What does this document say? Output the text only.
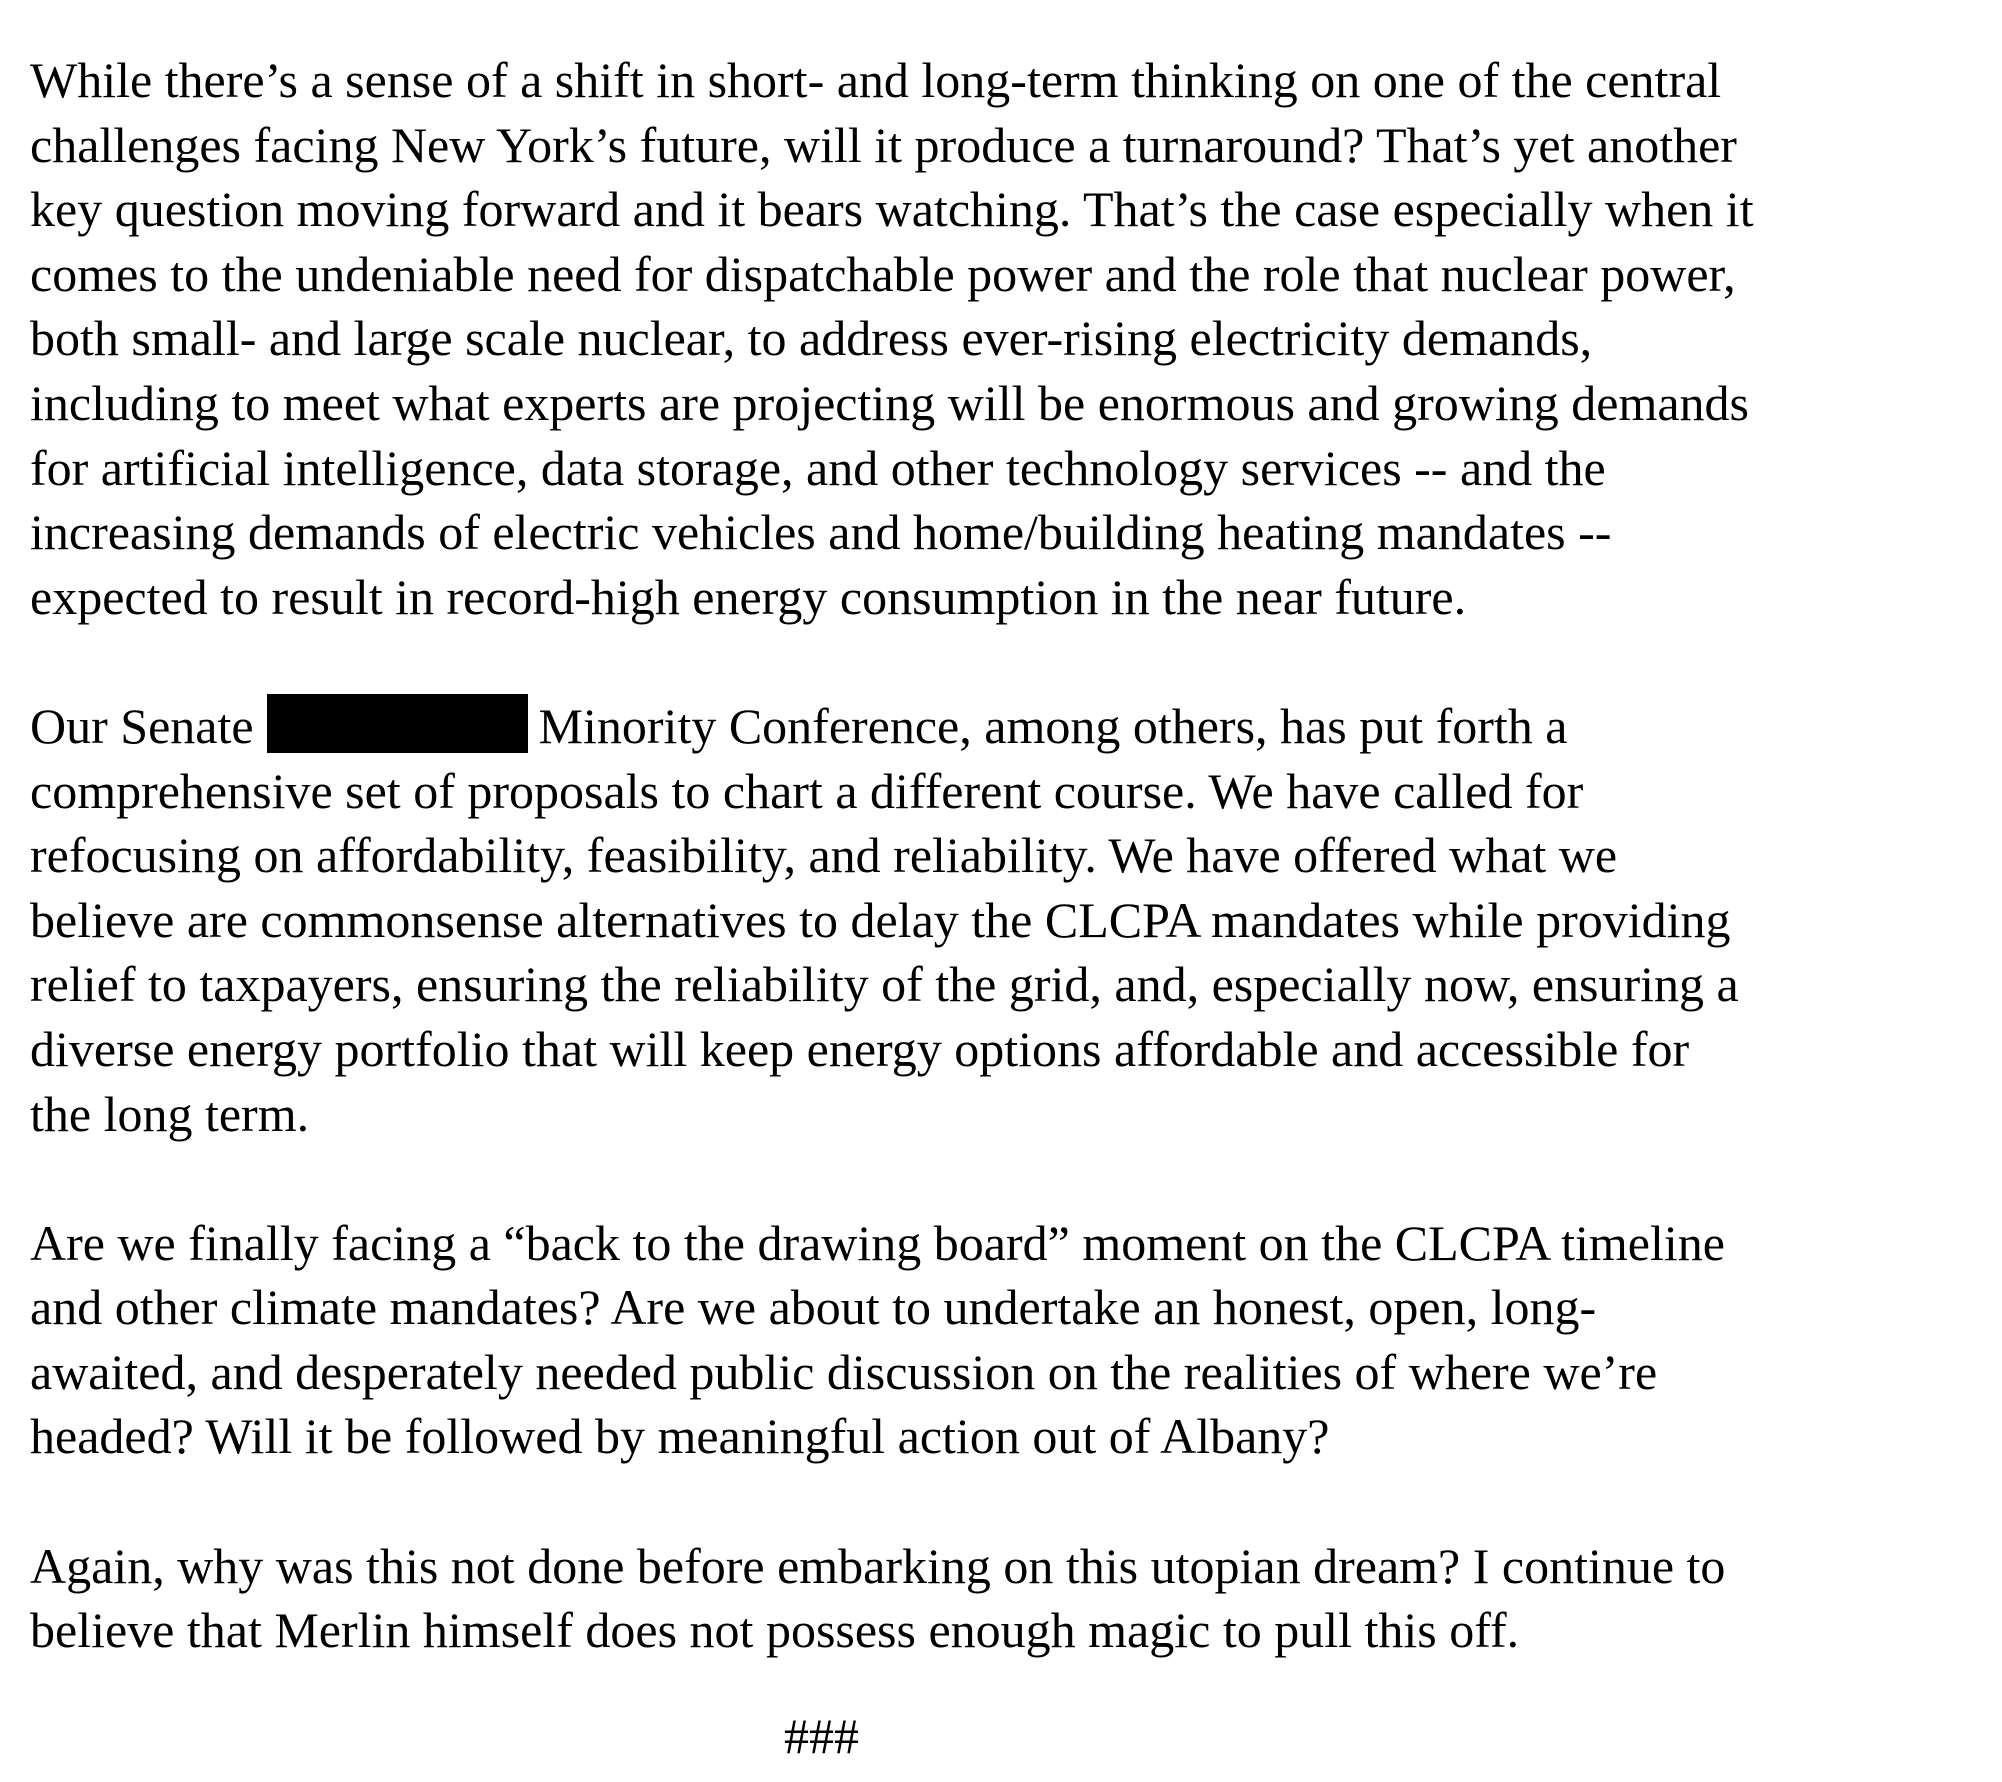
While there’s a sense of a shift in short- and long-term thinking on one of the central
challenges facing New York’s future, will it produce a turnaround? That’s yet another
key question moving forward and it bears watching. That’s the case especially when it
comes to the undeniable need for dispatchable power and the role that nuclear power,
both small- and large scale nuclear, to address ever-rising electricity demands,
including to meet what experts are projecting will be enormous and growing demands
for artificial intelligence, data storage, and other technology services -- and the
increasing demands of electric vehicles and home/building heating mandates --
expected to result in record-high energy consumption in the near future.
Our Senate	Minority Conference, among others, has put forth a
comprehensive set of proposals to chart a different course. We have called for
refocusing on affordability, feasibility, and reliability. We have offered what we
believe are commonsense alternatives to delay the CLCPA mandates while providing
relief to taxpayers, ensuring the reliability of the grid, and, especially now, ensuring a
diverse energy portfolio that will keep energy options affordable and accessible for
the long term.
Are we finally facing a “back to the drawing board” moment on the CLCPA timeline
and other climate mandates? Are we about to undertake an honest, open, long-
awaited, and desperately needed public discussion on the realities of where we’re
headed? Will it be followed by meaningful action out of Albany?
Again, why was this not done before embarking on this utopian dream? I continue to
believe that Merlin himself does not possess enough magic to pull this off.
###
